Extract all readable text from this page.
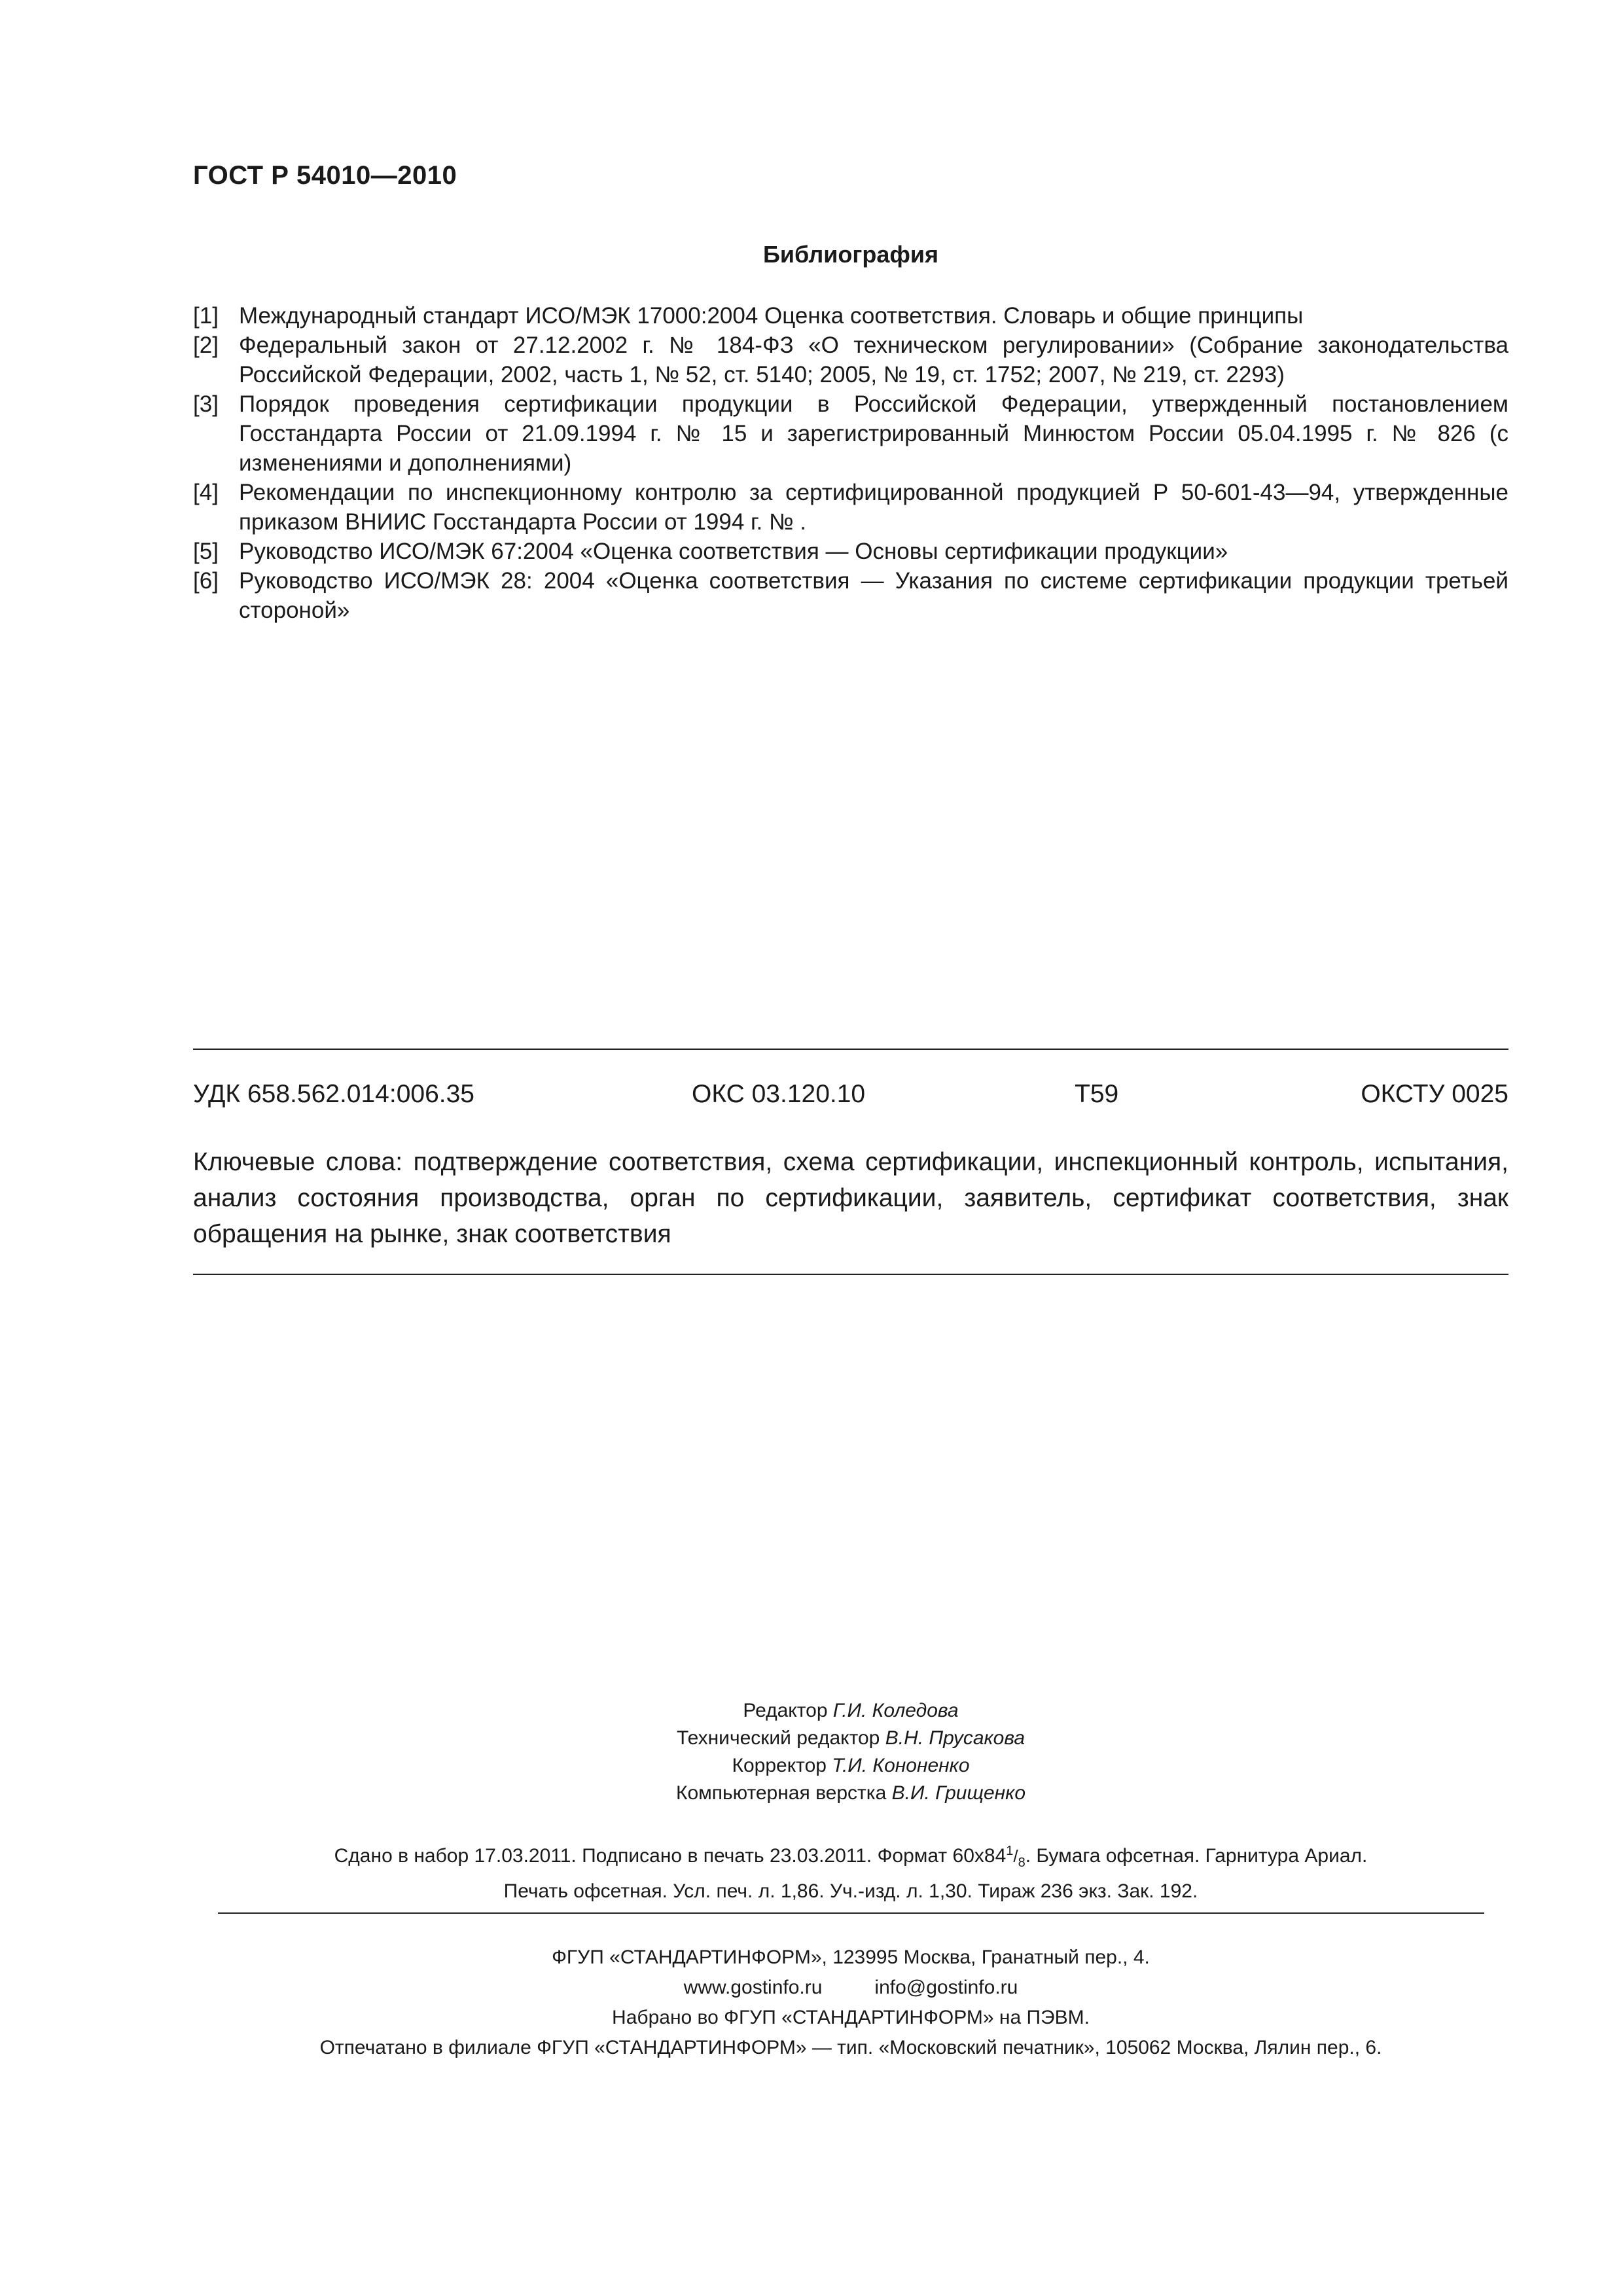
ГОСТ Р 54010—2010
Библиография
[1] Международный стандарт ИСО/МЭК 17000:2004 Оценка соответствия. Словарь и общие принципы
[2] Федеральный закон от 27.12.2002 г. № 184-ФЗ «О техническом регулировании» (Собрание законодательства Российской Федерации, 2002, часть 1, № 52, ст. 5140; 2005, № 19, ст. 1752; 2007, № 219, ст. 2293)
[3] Порядок проведения сертификации продукции в Российской Федерации, утвержденный постановлением Госстандарта России от 21.09.1994 г. № 15 и зарегистрированный Минюстом России 05.04.1995 г. № 826 (с изменениями и дополнениями)
[4] Рекомендации по инспекционному контролю за сертифицированной продукцией Р 50-601-43—94, утвержденные приказом ВНИИС Госстандарта России от 1994 г. № .
[5] Руководство ИСО/МЭК 67:2004 «Оценка соответствия — Основы сертификации продукции»
[6] Руководство ИСО/МЭК 28: 2004 «Оценка соответствия — Указания по системе сертификации продукции третьей стороной»
УДК 658.562.014:006.35	ОКС 03.120.10	Т59	ОКСТУ 0025
Ключевые слова: подтверждение соответствия, схема сертификации, инспекционный контроль, испытания, анализ состояния производства, орган по сертификации, заявитель, сертификат соответствия, знак обращения на рынке, знак соответствия
Редактор Г.И. Коледова
Технический редактор В.Н. Прусакова
Корректор Т.И. Кононенко
Компьютерная верстка В.И. Грищенко
Сдано в набор 17.03.2011. Подписано в печать 23.03.2011. Формат $60х84^1/_8$. Бумага офсетная. Гарнитура Ариал.
Печать офсетная. Усл. печ. л. 1,86. Уч.-изд. л. 1,30. Тираж 236 экз. Зак. 192.
ФГУП «СТАНДАРТИНФОРМ», 123995 Москва, Гранатный пер., 4.
www.gostinfo.ru	info@gostinfo.ru
Набрано во ФГУП «СТАНДАРТИНФОРМ» на ПЭВМ.
Отпечатано в филиале ФГУП «СТАНДАРТИНФОРМ» — тип. «Московский печатник», 105062 Москва, Лялин пер., 6.
